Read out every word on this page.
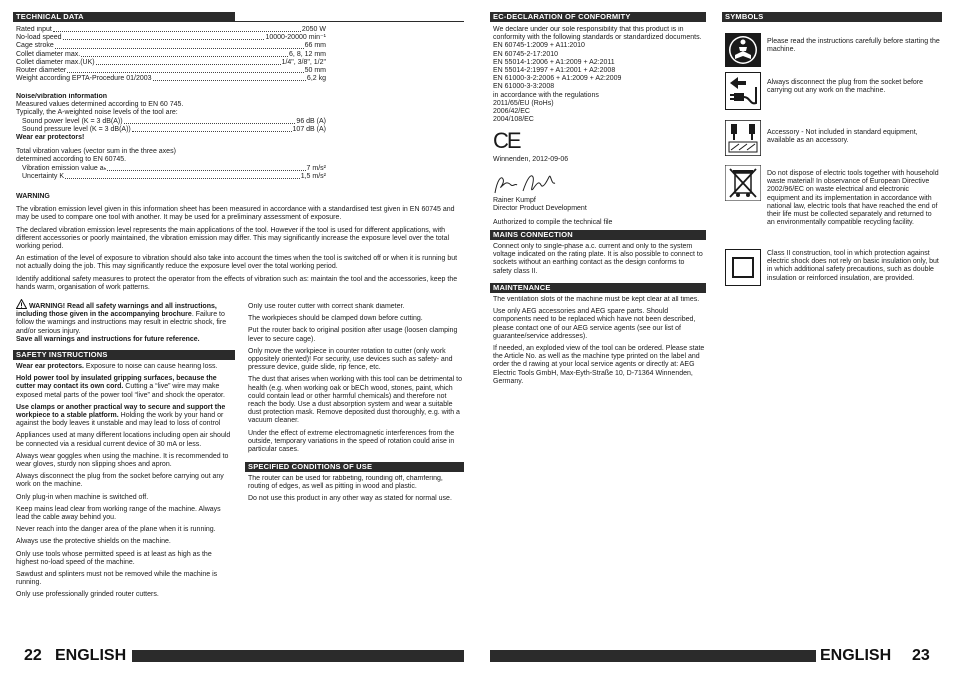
TECHNICAL DATA
Rated input	2050 W
No-load speed	10000-20000 min⁻¹
Cage stroke	66 mm
Collet diameter max.	6, 8, 12 mm
Collet diameter max.(UK)	1/4", 3/8", 1/2"
Router diameter	50 mm
Weight according EPTA-Procedure 01/2003	6,2 kg
Noise/vibration information
Measured values determined according to EN 60 745.
Typically, the A-weighted noise levels of the tool are:
Sound power level (K = 3 dB(A))	96 dB (A)
Sound pressure level (K = 3 dB(A))	107 dB (A)
Wear ear protectors!
Total vibration values (vector sum in the three axes)
determined according to EN 60745.
Vibration emission value aₕ	7 m/s²
Uncertainty K	1,5 m/s²
WARNING

The vibration emission level given in this information sheet has been measured in accordance with a standardised test given in EN 60745 and may be used to compare one tool with another. It may be used for a preliminary assessment of exposure.

The declared vibration emission level represents the main applications of the tool. However if the tool is used for different applications, with different accessories or poorly maintained, the vibration emission may differ. This may significantly increase the exposure level over the total working period.

An estimation of the level of exposure to vibration should also take into account the times when the tool is switched off or when it is running but not actually doing the job. This may significantly reduce the exposure level over the total working period.

Identify additional safety measures to protect the operator from the effects of vibration such as: maintain the tool and the accessories, keep the hands warm, organisation of work patterns.

WARNING! Read all safety warnings and all instructions, including those given in the accompanying brochure. Failure to follow the warnings and instructions may result in electric shock, fire and/or serious injury.
Save all warnings and instructions for future reference.

SAFETY INSTRUCTIONS

Wear ear protectors. Exposure to noise can cause hearing loss.

Hold power tool by insulated gripping surfaces, because the cutter may contact its own cord. Cutting a “live” wire may make exposed metal parts of the power tool “live” and shock the operator.

Use clamps or another practical way to secure and support the workpiece to a stable platform. Holding the work by your hand or against the body leaves it unstable and may lead to loss of control

Appliances used at many different locations including open air should be connected via a residual current device of 30 mA or less.

Always wear goggles when using the machine. It is recommended to wear gloves, sturdy non slipping shoes and apron.

Always disconnect the plug from the socket before carrying out any work on the machine.

Only plug-in when machine is switched off.

Keep mains lead clear from working range of the machine. Always lead the cable away behind you.

Never reach into the danger area of the plane when it is running.

Always use the protective shields on the machine.

Only use tools whose permitted speed is at least as high as the highest no-load speed of the machine.

Sawdust and splinters must not be removed while the machine is running.

Only use professionally grinded router cutters.

Only use router cutter with correct shank diameter.

The workpieces should be clamped down before cutting.

Put the router back to original position after usage (loosen clamping lever to secure cage).

Only move the workpiece in counter rotation to cutter (only work oppositely oriented)! For security, use devices such as safety- and pressure device, guide slide, rip fence, etc.

The dust that arises when working with this tool can be detrimental to health (e.g. when working oak or bECh wood, stones, paint, which could contain lead or other harmful chemicals) and therefore not reach the body. Use a dust absorption system and wear a suitable dust protection mask. Remove deposited dust thoroughly, e.g. with a vacuum cleaner.

Under the effect of extreme electromagnetic interferences from the outside, temporary variations in the speed of rotation could arise in particular cases.

SPECIFIED CONDITIONS OF USE

The router can be used for rabbeting, rounding off, chamfering, routing of edges, as well as pitting in wood and plastic.

Do not use this product in any other way as stated for normal use.

22 ENGLISH
EC-DECLARATION OF CONFORMITY
We declare under our sole responsibility that this product is in conformity with the following standards or standardized documents.
EN 60745-1:2009 + A11:2010
EN 60745-2-17:2010
EN 55014-1:2006 + A1:2009 + A2:2011
EN 55014-2:1997 + A1:2001 + A2:2008
EN 61000-3-2:2006 + A1:2009 + A2:2009
EN 61000-3-3:2008
in accordance with the regulations
2011/65/EU (RoHs)
2006/42/EC
2004/108/EC
CE
Winnenden, 2012-09-06
Rainer Kumpf
Director Product Development
Authorized to compile the technical file
MAINS CONNECTION
Connect only to single-phase a.c. current and only to the system voltage indicated on the rating plate. It is also possible to connect to sockets without an earthing contact as the design conforms to safety class II.
MAINTENANCE

The ventilation slots of the machine must be kept clear at all times.

Use only AEG accessories and AEG spare parts. Should components need to be replaced which have not been described, please contact one of our AEG service agents (see our list of guarantee/service addresses).

If needed, an exploded view of the tool can be ordered. Please state the Article No. as well as the machine type printed on the label and order the d rawing at your local service agents or directly at: AEG Electric Tools GmbH, Max-Eyth-Straße 10, D-71364 Winnenden, Germany.

SYMBOLS
Please read the instructions carefully before starting the machine.
Always disconnect the plug from the socket before carrying out any work on the machine.
Accessory - Not included in standard equipment, available as an accessory.
Do not dispose of electric tools together with household waste material! In observance of European Directive 2002/96/EC on waste electrical and electronic equipment and its implementation in accordance with national law, electric tools that have reached the end of their life must be collected separately and returned to an environmentally compatible recycling facility.
Class II construction, tool in which protection against electric shock does not rely on basic insulation only, but in which additional safety precautions, such as double insulation or reinforced insulation, are provided.
ENGLISH 23
